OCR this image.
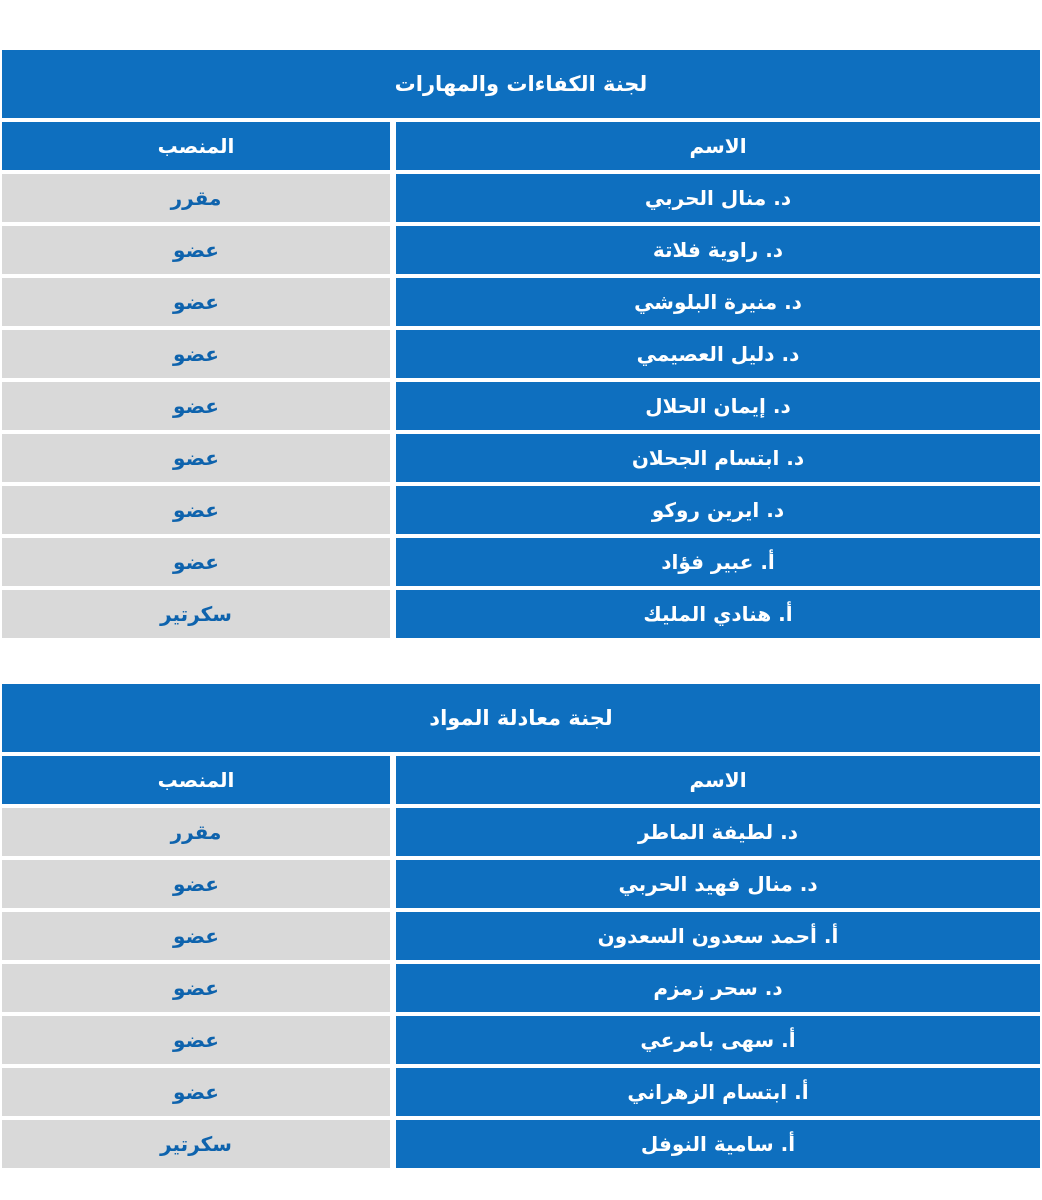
لجنة الكفاءات والمهارات
المنصب	الاسم
مقرر	د. منال الحربي
عضو	د. راوية فلاتة
عضو	د. منيرة البلوشي
عضو	د. دليل العصيمي
عضو	د. إيمان الحلال
عضو	د. ابتسام الجحلان
عضو	د. ايرين روكو
عضو	أ. عبير فؤاد
سكرتير	أ. هنادي المليك
لجنة معادلة المواد
المنصب	الاسم
مقرر	د. لطيفة الماطر
عضو	د. منال فهيد الحربي
عضو	أ. أحمد سعدون السعدون
عضو	د. سحر زمزم
عضو	أ. سهى بامرعي
عضو	أ. ابتسام الزهراني
سكرتير	أ. سامية النوفل
